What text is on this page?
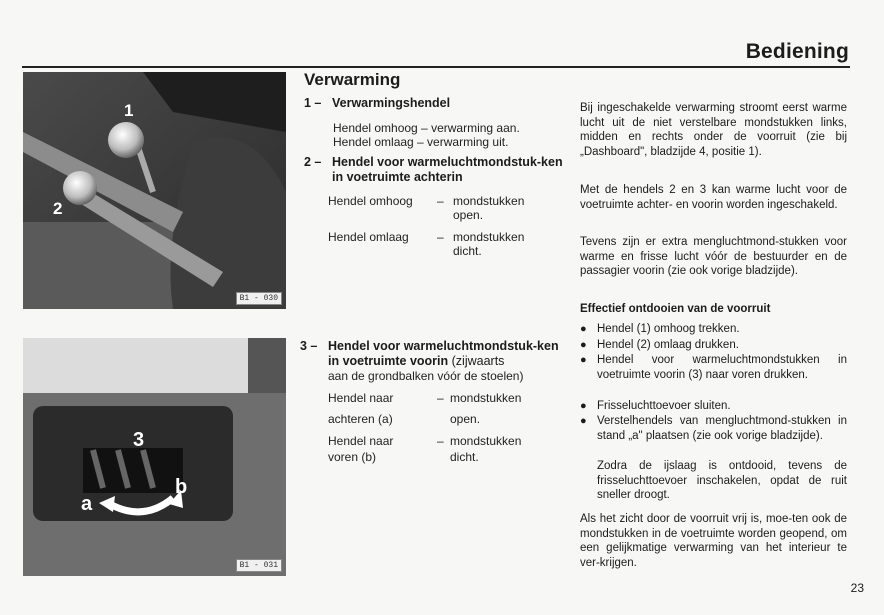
Bediening
1
2
B1 - 030
3
a
b
B1 - 031
Verwarming
1 – Verwarmingshendel
Hendel omhoog – verwarming aan.
Hendel omlaag – verwarming uit.
2 – Hendel voor warmeluchtmondstuk-ken in voetruimte achterin
Hendel omhoog – mondstukken
open.
Hendel omlaag – mondstukken
dicht.
3 – Hendel voor warmeluchtmondstuk-ken in voetruimte voorin (zijwaarts
aan de grondbalken vóór de stoelen)
Hendel naar	– mondstukken
achteren (a)	open.
Hendel naar	– mondstukken
voren (b)	dicht.

Bij ingeschakelde verwarming stroomt eerst warme lucht uit de niet verstelbare mondstukken links, midden en rechts onder de voorruit (zie bij „Dashboard", bladzijde 4, positie 1).

Met de hendels 2 en 3 kan warme lucht voor de voetruimte achter- en voorin worden ingeschakeld.

Tevens zijn er extra mengluchtmond-stukken voor warme en frisse lucht vóór de bestuurder en de passagier voorin (zie ook vorige bladzijde).

Effectief ontdooien van de voorruit
● Hendel (1) omhoog trekken.
● Hendel (2) omlaag drukken.
● Hendel voor warmeluchtmondstukken in voetruimte voorin (3) naar voren drukken.
● Frisseluchttoevoer sluiten.
● Verstelhendels van mengluchtmond-stukken in stand „a" plaatsen (zie ook vorige bladzijde).
Zodra de ijslaag is ontdooid, tevens de frisseluchttoevoer inschakelen, opdat de ruit sneller droogt.

Als het zicht door de voorruit vrij is, moe-ten ook de mondstukken in de voetruimte worden geopend, om een gelijkmatige verwarming van het interieur te ver-krijgen.

23
